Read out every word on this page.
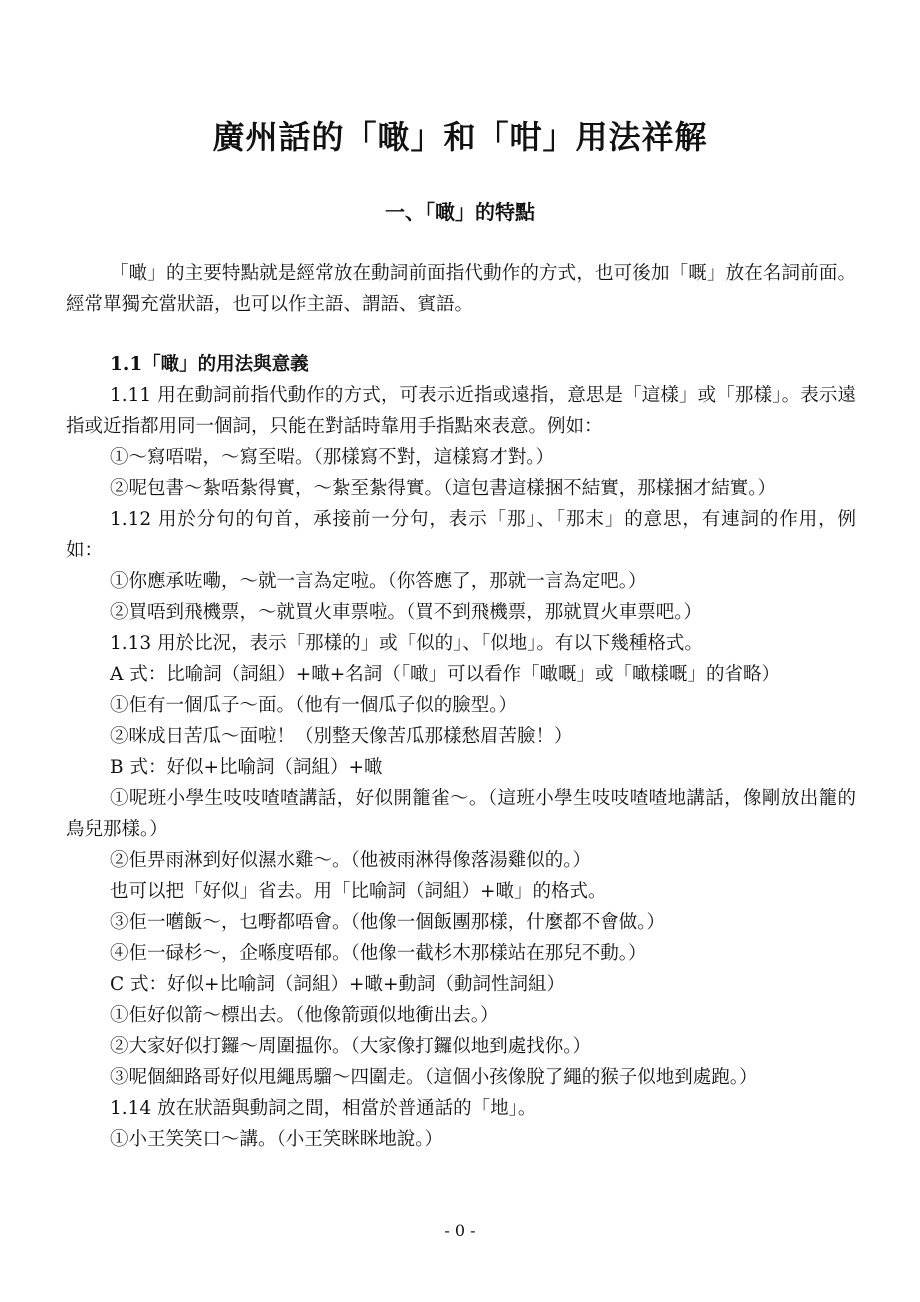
廣州話的「噉」和「咁」用法祥解
一、「噉」的特點

「噉」的主要特點就是經常放在動詞前面指代動作的方式，也可後加「嘅」放在名詞前面。經常單獨充當狀語，也可以作主語、謂語、賓語。

1.1「噉」的用法與意義

1.11 用在動詞前指代動作的方式，可表示近指或遠指，意思是「這樣」或「那樣」。表示遠指或近指都用同一個詞，只能在對話時靠用手指點來表意。例如：

①～寫唔啱，～寫至啱。（那樣寫不對，這樣寫才對。）

②呢包書～紮唔紮得實，～紮至紮得實。（這包書這樣捆不結實，那樣捆才結實。）

1.12 用於分句的句首，承接前一分句，表示「那」、「那末」的意思，有連詞的作用，例如：

①你應承咗嘞，～就一言為定啦。（你答應了，那就一言為定吧。）

②買唔到飛機票，～就買火車票啦。（買不到飛機票，那就買火車票吧。）

1.13 用於比況，表示「那樣的」或「似的」、「似地」。有以下幾種格式。

A 式：比喻詞（詞組）+噉+名詞（「噉」可以看作「噉嘅」或「噉樣嘅」的省略）

①佢有一個瓜子～面。（他有一個瓜子似的臉型。）

②咪成日苦瓜～面啦！（別整天像苦瓜那樣愁眉苦臉！）

B 式：好似+比喻詞（詞組）+噉

①呢班小學生吱吱喳喳講話，好似開籠雀～。（這班小學生吱吱喳喳地講話，像剛放出籠的鳥兒那樣。）

②佢畀雨淋到好似濕水雞～。（他被雨淋得像落湯雞似的。）

也可以把「好似」省去。用「比喻詞（詞組）+噉」的格式。

③佢一嚿飯～，乜嘢都唔會。（他像一個飯團那樣，什麼都不會做。）

④佢一碌杉～，企喺度唔郁。（他像一截杉木那樣站在那兒不動。）

C 式：好似+比喻詞（詞組）+噉+動詞（動詞性詞組）

①佢好似箭～標出去。（他像箭頭似地衝出去。）

②大家好似打鑼～周圍揾你。（大家像打鑼似地到處找你。）

③呢個細路哥好似甩繩馬騮～四圍走。（這個小孩像脫了繩的猴子似地到處跑。）

1.14 放在狀語與動詞之間，相當於普通話的「地」。

①小王笑笑口～講。（小王笑眯眯地說。）

- 0 -
